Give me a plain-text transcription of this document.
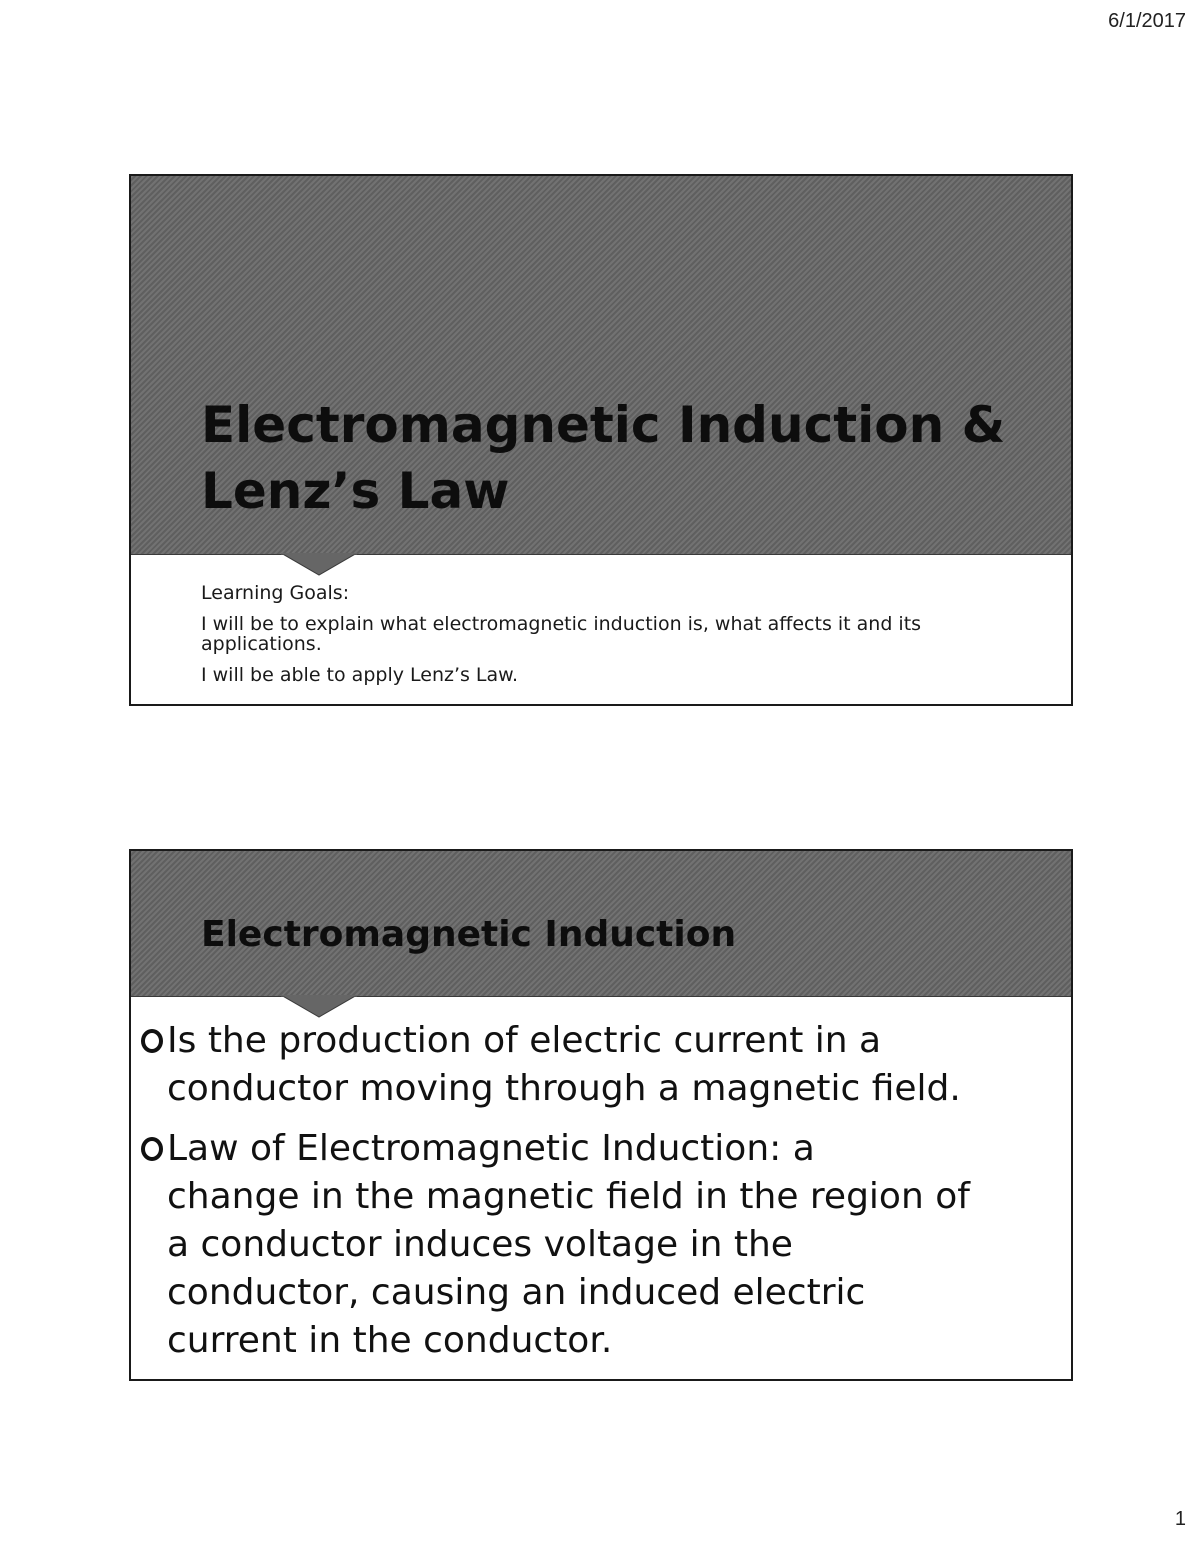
6/1/2017
Electromagnetic Induction &
Lenz’s Law

Learning Goals:

I will be to explain what electromagnetic induction is, what affects it and its
applications.

I will be able to apply Lenz’s Law.

Electromagnetic Induction
Is the production of electric current in a
conductor moving through a magnetic field.
Law of Electromagnetic Induction: a
change in the magnetic field in the region of
a conductor induces voltage in the
conductor, causing an induced electric
current in the conductor.
1
